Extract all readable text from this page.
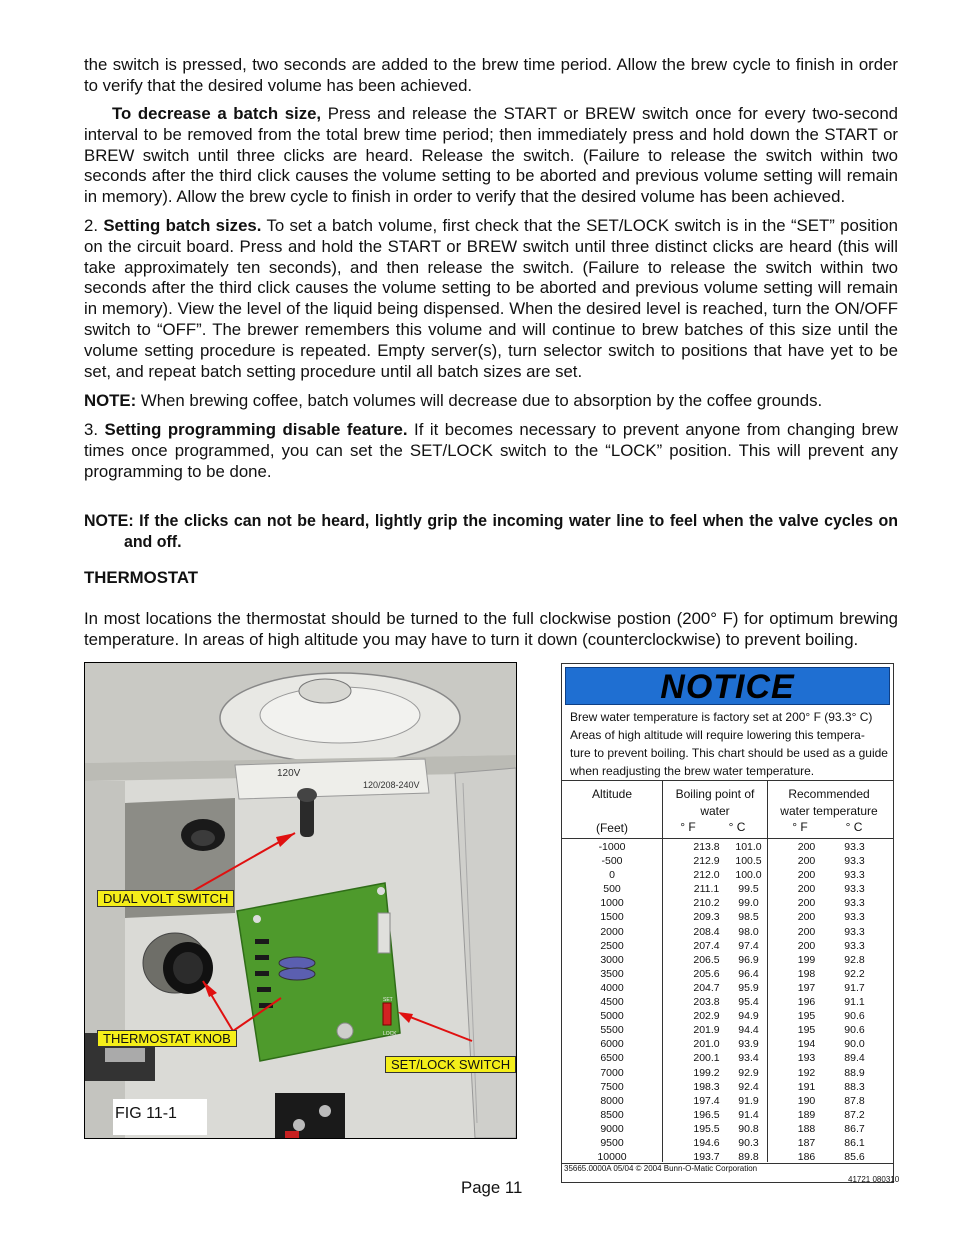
the switch is pressed, two seconds are added to the brew time period. Allow the brew cycle to finish in order to verify that the desired volume has been achieved.
To decrease a batch size, Press and release the START or BREW switch once for every two-second interval to be removed from the total brew time period; then immediately press and hold down the START or BREW switch until three clicks are heard. Release the switch. (Failure to release the switch within two seconds after the third click causes the volume setting to be aborted and previous volume setting will remain in memory). Allow the brew cycle to finish in order to verify that the desired volume has been achieved.
2. Setting batch sizes. To set a batch volume, first check that the SET/LOCK switch is in the “SET” position on the circuit board. Press and hold the START or BREW switch until three distinct clicks are heard (this will take approximately ten seconds), and then release the switch. (Failure to release the switch within two seconds after the third click causes the volume setting to be aborted and previous volume setting will remain in memory). View the level of the liquid being dispensed. When the desired level is reached, turn the ON/OFF switch to “OFF”. The brewer remembers this volume and will continue to brew batches of this size until the volume setting procedure is repeated. Empty server(s), turn selector switch to positions that have yet to be set, and repeat batch setting procedure until all batch sizes are set.
NOTE: When brewing coffee, batch volumes will decrease due to absorption by the coffee grounds.
3. Setting programming disable feature. If it becomes necessary to prevent anyone from changing brew times once programmed, you can set the SET/LOCK switch to the “LOCK” position. This will prevent any programming to be done.
NOTE: If the clicks can not be heard, lightly grip the incoming water line to feel when the valve cycles on and off.
THERMOSTAT
In most locations the thermostat should be turned to the full clockwise postion (200° F) for optimum brewing temperature. In areas of high altitude you may have to turn it down (counterclockwise) to prevent boiling.
120V
120/208-240V
SET
LOCK
DUAL VOLT SWITCH
THERMOSTAT KNOB
SET/LOCK SWITCH
FIG 11-1
NOTICE
Brew water temperature is factory set at 200° F (93.3° C) Areas of high altitude will require lowering this tempera- ture to prevent boiling. This chart should be used as a guide when readjusting the brew water temperature.
Altitude
(Feet)
Boiling point of water
Recommended water temperature
° F	° C	° F	° C
-1000	213.8	101.0	200	93.3
-500	212.9	100.5	200	93.3
0	212.0	100.0	200	93.3
500	211.1	99.5	200	93.3
1000	210.2	99.0	200	93.3
1500	209.3	98.5	200	93.3
2000	208.4	98.0	200	93.3
2500	207.4	97.4	200	93.3
3000	206.5	96.9	199	92.8
3500	205.6	96.4	198	92.2
4000	204.7	95.9	197	91.7
4500	203.8	95.4	196	91.1
5000	202.9	94.9	195	90.6
5500	201.9	94.4	195	90.6
6000	201.0	93.9	194	90.0
6500	200.1	93.4	193	89.4
7000	199.2	92.9	192	88.9
7500	198.3	92.4	191	88.3
8000	197.4	91.9	190	87.8
8500	196.5	91.4	189	87.2
9000	195.5	90.8	188	86.7
9500	194.6	90.3	187	86.1
10000	193.7	89.8	186	85.6
35665.0000A 05/04 © 2004 Bunn-O-Matic Corporation
41721 080310
Page 11
